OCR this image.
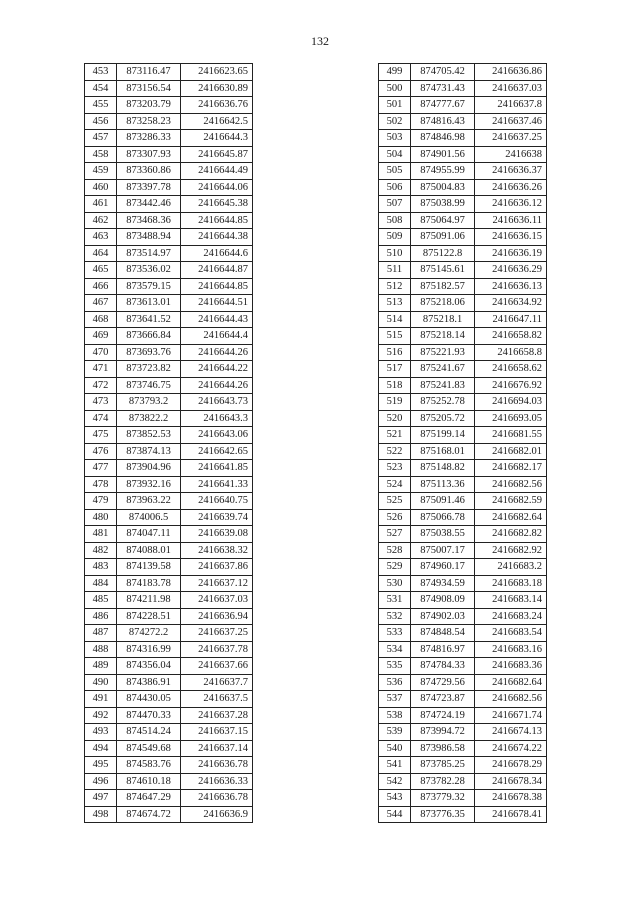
132
453	873116.47	2416623.65
454	873156.54	2416630.89
455	873203.79	2416636.76
456	873258.23	2416642.5
457	873286.33	2416644.3
458	873307.93	2416645.87
459	873360.86	2416644.49
460	873397.78	2416644.06
461	873442.46	2416645.38
462	873468.36	2416644.85
463	873488.94	2416644.38
464	873514.97	2416644.6
465	873536.02	2416644.87
466	873579.15	2416644.85
467	873613.01	2416644.51
468	873641.52	2416644.43
469	873666.84	2416644.4
470	873693.76	2416644.26
471	873723.82	2416644.22
472	873746.75	2416644.26
473	873793.2	2416643.73
474	873822.2	2416643.3
475	873852.53	2416643.06
476	873874.13	2416642.65
477	873904.96	2416641.85
478	873932.16	2416641.33
479	873963.22	2416640.75
480	874006.5	2416639.74
481	874047.11	2416639.08
482	874088.01	2416638.32
483	874139.58	2416637.86
484	874183.78	2416637.12
485	874211.98	2416637.03
486	874228.51	2416636.94
487	874272.2	2416637.25
488	874316.99	2416637.78
489	874356.04	2416637.66
490	874386.91	2416637.7
491	874430.05	2416637.5
492	874470.33	2416637.28
493	874514.24	2416637.15
494	874549.68	2416637.14
495	874583.76	2416636.78
496	874610.18	2416636.33
497	874647.29	2416636.78
498	874674.72	2416636.9
499	874705.42	2416636.86
500	874731.43	2416637.03
501	874777.67	2416637.8
502	874816.43	2416637.46
503	874846.98	2416637.25
504	874901.56	2416638
505	874955.99	2416636.37
506	875004.83	2416636.26
507	875038.99	2416636.12
508	875064.97	2416636.11
509	875091.06	2416636.15
510	875122.8	2416636.19
511	875145.61	2416636.29
512	875182.57	2416636.13
513	875218.06	2416634.92
514	875218.1	2416647.11
515	875218.14	2416658.82
516	875221.93	2416658.8
517	875241.67	2416658.62
518	875241.83	2416676.92
519	875252.78	2416694.03
520	875205.72	2416693.05
521	875199.14	2416681.55
522	875168.01	2416682.01
523	875148.82	2416682.17
524	875113.36	2416682.56
525	875091.46	2416682.59
526	875066.78	2416682.64
527	875038.55	2416682.82
528	875007.17	2416682.92
529	874960.17	2416683.2
530	874934.59	2416683.18
531	874908.09	2416683.14
532	874902.03	2416683.24
533	874848.54	2416683.54
534	874816.97	2416683.16
535	874784.33	2416683.36
536	874729.56	2416682.64
537	874723.87	2416682.56
538	874724.19	2416671.74
539	873994.72	2416674.13
540	873986.58	2416674.22
541	873785.25	2416678.29
542	873782.28	2416678.34
543	873779.32	2416678.38
544	873776.35	2416678.41
